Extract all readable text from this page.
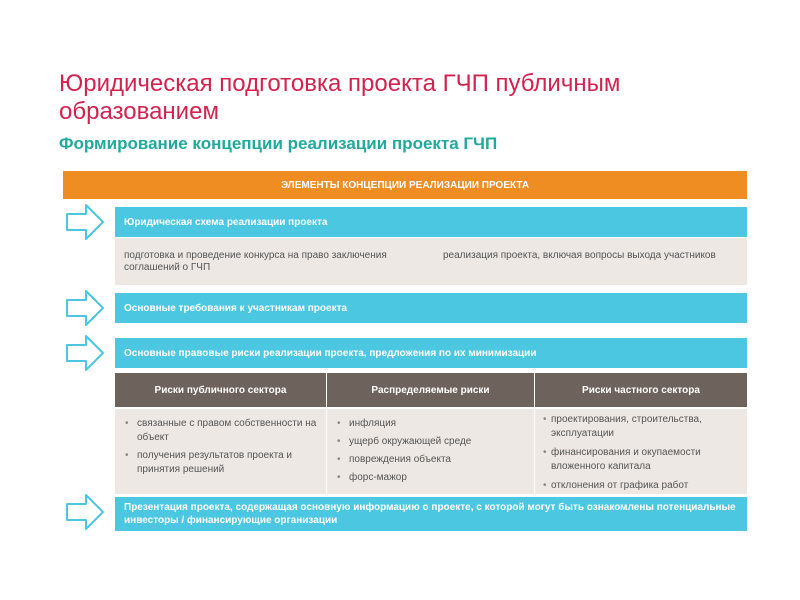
Юридическая подготовка проекта ГЧП публичным образованием
Формирование концепции реализации проекта ГЧП
ЭЛЕМЕНТЫ КОНЦЕПЦИИ РЕАЛИЗАЦИИ ПРОЕКТА
Юридическая схема реализации проекта
подготовка и проведение конкурса на право заключения соглашений о ГЧП
реализация проекта, включая вопросы выхода участников
Основные требования к участникам проекта
Основные правовые риски реализации проекта, предложения по их минимизации
Риски публичного сектора	Распределяемые риски	Риски частного сектора
• связанные с правом собственности на объект
• получения результатов проекта и принятия решений
• инфляция
• ущерб окружающей среде
• повреждения объекта
• форс-мажор
• проектирования, строительства, эксплуатации
• финансирования и окупаемости вложенного капитала
• отклонения от графика работ
Презентация проекта, содержащая основную информацию о проекте, с которой могут быть ознакомлены потенциальные инвесторы / финансирующие организации
